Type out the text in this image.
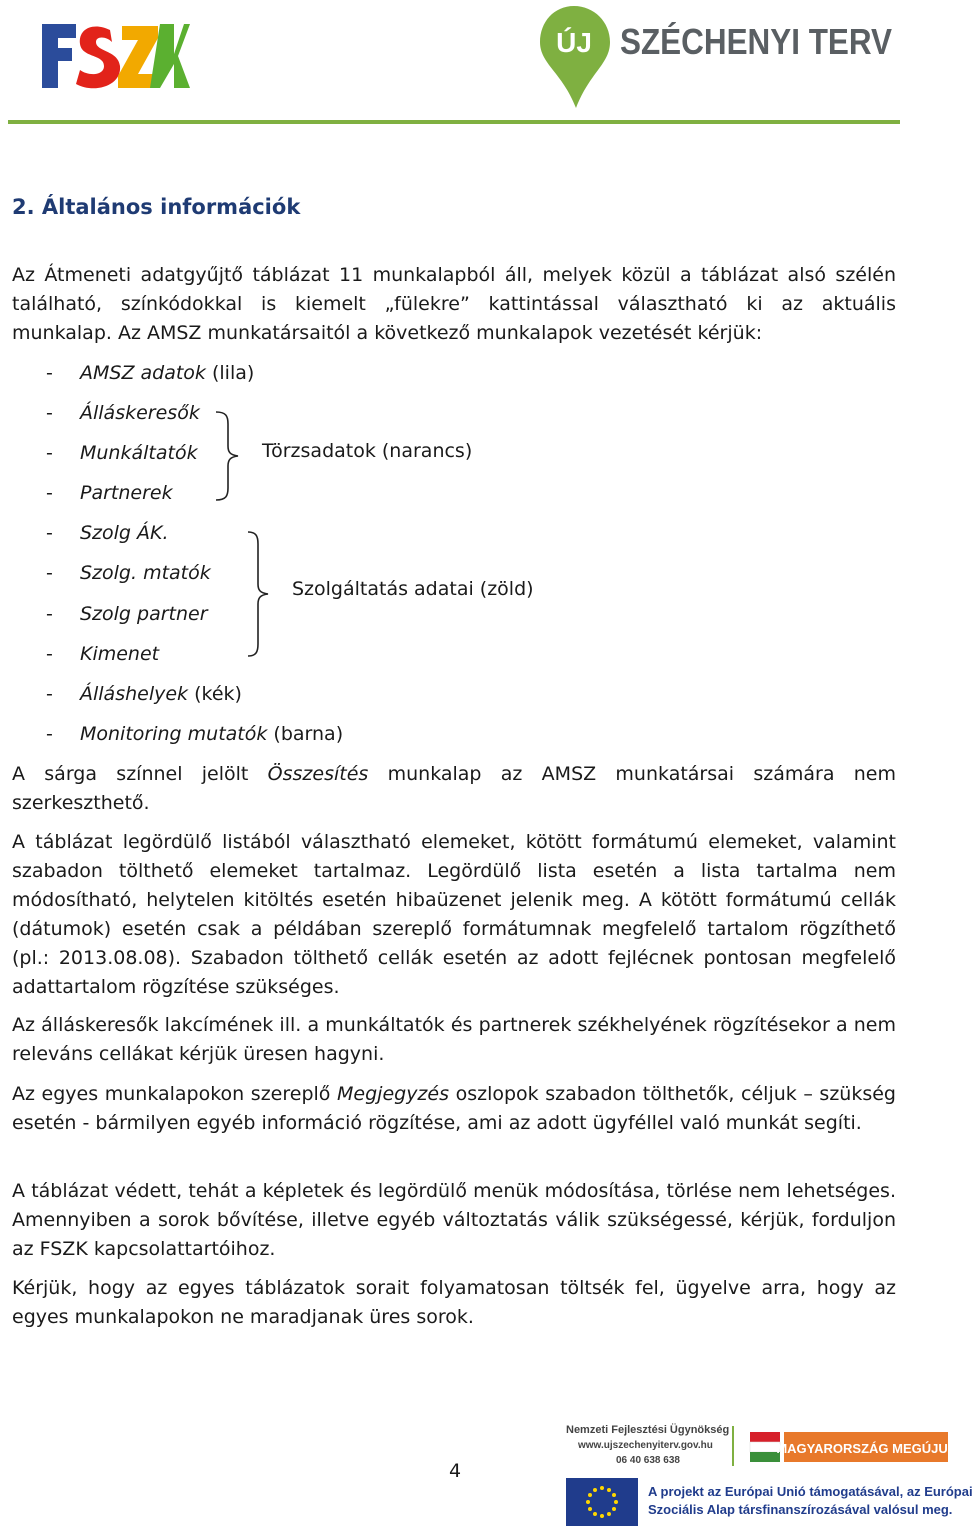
FSZK
ÚJ SZÉCHENYI TERV
2. Általános információk

Az Átmeneti adatgyűjtő táblázat 11 munkalapból áll, melyek közül a táblázat alsó szélén található, színkódokkal is kiemelt „fülekre” kattintással választható ki az aktuális

munkalap. Az AMSZ munkatársaitól a következő munkalapok vezetését kérjük:

- AMSZ adatok (lila)
- Álláskeresők
- Munkáltatók
- Partnerek
- Szolg ÁK.
- Szolg. mtatók
- Szolg partner
- Kimenet
- Álláshelyek (kék)
- Monitoring mutatók (barna)
Törzsadatok (narancs)
Szolgáltatás adatai (zöld)

A sárga színnel jelölt Összesítés munkalap az AMSZ munkatársai számára nem szerkeszthető.

A táblázat legördülő listából választható elemeket, kötött formátumú elemeket, valamint szabadon tölthető elemeket tartalmaz. Legördülő lista esetén a lista tartalma nem módosítható, helytelen kitöltés esetén hibaüzenet jelenik meg. A kötött formátumú cellák (dátumok) esetén csak a példában szereplő formátumnak megfelelő tartalom rögzíthető (pl.: 2013.08.08). Szabadon tölthető cellák esetén az adott fejlécnek pontosan megfelelő adattartalom rögzítése szükséges.

Az álláskeresők lakcímének ill. a munkáltatók és partnerek székhelyének rögzítésekor a nem releváns cellákat kérjük üresen hagyni.

Az egyes munkalapokon szereplő Megjegyzés oszlopok szabadon tölthetők, céljuk – szükség esetén - bármilyen egyéb információ rögzítése, ami az adott ügyféllel való munkát segíti.

A táblázat védett, tehát a képletek és legördülő menük módosítása, törlése nem lehetséges. Amennyiben a sorok bővítése, illetve egyéb változtatás válik szükségessé, kérjük, forduljon az FSZK kapcsolattartóihoz.

Kérjük, hogy az egyes táblázatok sorait folyamatosan töltsék fel, ügyelve arra, hogy az egyes munkalapokon ne maradjanak üres sorok.

4
Nemzeti Fejlesztési Ügynökség
www.ujszechenyiterv.gov.hu
06 40 638 638
MAGYARORSZÁG MEGÚJUL
A projekt az Európai Unió támogatásával, az Európai
Szociális Alap társfinanszírozásával valósul meg.
